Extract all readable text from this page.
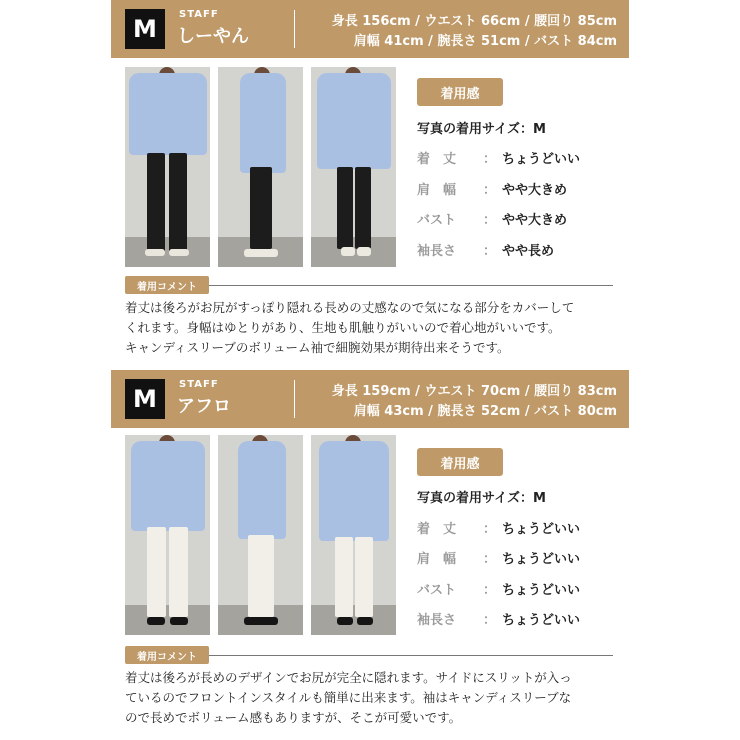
M
STAFF
しーやん
身長 156cm / ウエスト 66cm / 腰回り 85cm
肩幅 41cm / 腕長さ 51cm / バスト 84cm
着用感
写真の着用サイズ：M
着　丈 ： ちょうどいい
肩　幅 ： やや大きめ
バスト ： やや大きめ
袖長さ ： やや長め
着用コメント
着丈は後ろがお尻がすっぽり隠れる長めの丈感なので気になる部分をカバーして
くれます。身幅はゆとりがあり、生地も肌触りがいいので着心地がいいです。
キャンディスリーブのボリューム袖で細腕効果が期待出来そうです。
M
STAFF
アフロ
身長 159cm / ウエスト 70cm / 腰回り 83cm
肩幅 43cm / 腕長さ 52cm / バスト 80cm
着用感
写真の着用サイズ：M
着　丈 ： ちょうどいい
肩　幅 ： ちょうどいい
バスト ： ちょうどいい
袖長さ ： ちょうどいい
着用コメント
着丈は後ろが長めのデザインでお尻が完全に隠れます。サイドにスリットが入っ
ているのでフロントインスタイルも簡単に出来ます。袖はキャンディスリーブな
ので長めでボリューム感もありますが、そこが可愛いです。
